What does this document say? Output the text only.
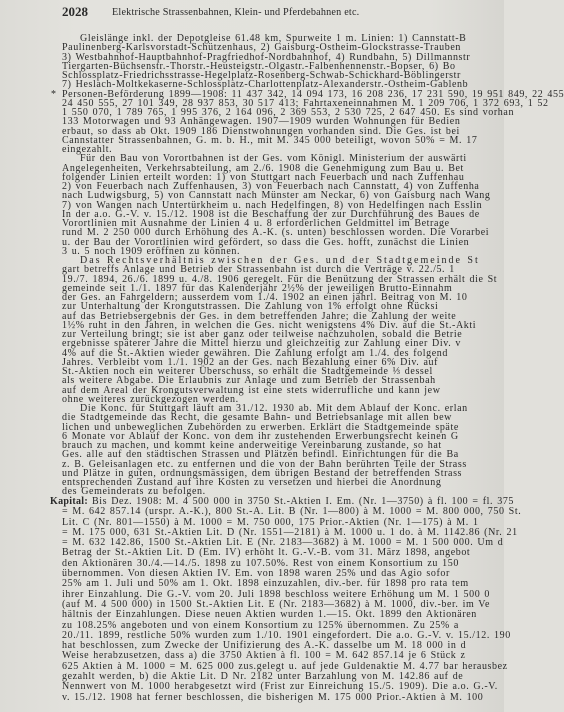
2028 Elektrische Strassenbahnen, Klein- und Pferdebahnen etc.
Gleislänge inkl. der Depotgleise 61.48 km, Spurweite 1 m. Linien: 1) Cannstatt-B
Paulinenberg-Karlsvorstadt-Schützenhaus, 2) Gaisburg-Ostheim-Glockstrasse-Trauben
3) Westbahnhof-Hauptbahnhof-Pragfriedhof-Nordbahnhof, 4) Rundbahn, 5) Dillmannstr
Tiergarten-Büchsenstr.-Thorstr.-Heusteigstr.-Olgastr.-Falbenhennenstr.-Bopser, 6) Bo
Schlossplatz-Friedrichsstrasse-Hegelplatz-Rosenberg-Schwab-Schickhard-Böblingerstr
7) Heslach-Moltkekaserne-Schlossplatz-Charlottenplatz-Alexanderstr.-Ostheim-Gablenb
* Personen-Beförderung 1899—1908: 11 437 342, 14 094 173, 16 208 236, 17 231 590, 19 951 849, 22 455
24 450 555, 27 101 349, 28 937 853, 30 517 413; Fahrtaxeneinnahmen M. 1 209 706, 1 372 693, 1 52
1 550 070, 1 789 765, 1 995 376, 2 164 096, 2 369 553, 2 530 725, 2 647 450. Es sind vorhan
133 Motorwagen und 93 Anhängewagen. 1907—1909 wurden Wohnungen für Bedien
erbaut, so dass ab Okt. 1909 186 Dienstwohnungen vorhanden sind. Die Ges. ist bei
Cannstatter Strassenbahnen, G. m. b. H., mit M. 345 000 beteiligt, wovon 50% = M. 17
eingezahlt.
Für den Bau von Vorortbahnen ist der Ges. vom Königl. Ministerium der auswärti
Angelegenheiten, Verkehrsabteilung, am 2./6. 1908 die Genehmigung zum Bau u. Bet
folgender Linien erteilt worden: 1) von Stuttgart nach Feuerbach und nach Zuffenhau
2) von Feuerbach nach Zuffenhausen, 3) von Feuerbach nach Cannstatt, 4) von Zuffenha
nach Ludwigsburg, 5) von Cannstatt nach Münster am Neckar, 6) von Gaisburg nach Wang
7) von Wangen nach Untertürkheim u. nach Hedelfingen, 8) von Hedelfingen nach Esslin
In der a.o. G.-V. v. 15./12. 1908 ist die Beschaffung der zur Durchführung des Baues de
Vorortlinien mit Ausnahme der Linien 4 u. 8 erforderlichen Geldmittel im Betrage
rund M. 2 250 000 durch Erhöhung des A.-K. (s. unten) beschlossen worden. Die Vorarbei
u. der Bau der Vorortlinien wird gefördert, so dass die Ges. hofft, zunächst die Linien
3 u. 5 noch 1909 eröffnen zu können.
Das Rechtsverhältnis zwischen der Ges. und der Stadtgemeinde St
gart betreffs Anlage und Betrieb der Strassenbahn ist durch die Verträge v. 22./5. 1
19./7. 1894, 26./6. 1899 u. 4./8. 1906 geregelt. Für die Benützung der Strassen erhält die St
gemeinde seit 1./1. 1897 für das Kalenderjahr 2½% der jeweiligen Brutto-Einnahm
der Ges. an Fahrgeldern; ausserdem vom 1./4. 1902 an einen jährl. Beitrag von M. 10
zur Unterhaltung der Krongutstrassen. Die Zahlung von 1% erfolgt ohne Rücksi
auf das Betriebsergebnis der Ges. in dem betreffenden Jahre; die Zahlung der weite
1½% ruht in den Jahren, in welchen die Ges. nicht wenigstens 4% Div. auf die St.-Akti
zur Verteilung bringt; sie ist aber ganz oder teilweise nachzuholen, sobald die Betrie
ergebnisse späterer Jahre die Mittel hierzu und gleichzeitig zur Zahlung einer Div. v
4% auf die St.-Aktien wieder gewähren. Die Zahlung erfolgt am 1./4. des folgend
Jahres. Verbleibt vom 1./1. 1902 an der Ges. nach Bezahlung einer 6% Div. auf
St.-Aktien noch ein weiterer Überschuss, so erhält die Stadtgemeinde ⅓ dessel
als weitere Abgabe. Die Erlaubnis zur Anlage und zum Betrieb der Strassenbah
auf dem Areal der Krongutsverwaltung ist eine stets widerrufliche und kann jew
ohne weiteres zurückgezogen werden.
Die Konc. für Stuttgart läuft am 31./12. 1930 ab. Mit dem Ablauf der Konc. erlan
die Stadtgemeinde das Recht, die gesamte Bahn- und Betriebsanlage mit allen bew
lichen und unbeweglichen Zubehörden zu erwerben. Erklärt die Stadtgemeinde späte
6 Monate vor Ablauf der Konc. von dem ihr zustehenden Erwerbungsrecht keinen G
brauch zu machen, und kommt keine anderweitige Vereinbarung zustande, so hat
Ges. alle auf den städtischen Strassen und Plätzen befindl. Einrichtungen für die Ba
z. B. Geleisanlagen etc. zu entfernen und die von der Bahn berührten Teile der Strass
und Plätze in guten, ordnungsmässigen, dem übrigen Bestand der betreffenden Strass
entsprechenden Zustand auf ihre Kosten zu versetzen und hierbei die Anordnung
des Gemeinderats zu befolgen.
Kapital: Bis Dez. 1908: M. 4 500 000 in 3750 St.-Aktien I. Em. (Nr. 1—3750) à fl. 100 = fl. 375
= M. 642 857.14 (urspr. A.-K.), 800 St.-A. Lit. B (Nr. 1—800) à M. 1000 = M. 800 000, 750 St.
Lit. C (Nr. 801—1550) à M. 1000 = M. 750 000, 175 Prior.-Aktien (Nr. 1—175) à M. 1
= M. 175 000, 631 St.-Aktien Lit. D (Nr. 1551—2181) à M. 1000 u. 1 do. à M. 1142.86 (Nr. 21
= M. 632 142.86, 1500 St.-Aktien Lit. E (Nr. 2183—3682) à M. 1000 = M. 1 500 000. Um d
Betrag der St.-Aktien Lit. D (Em. IV) erhöht lt. G.-V.-B. vom 31. März 1898, angebot
den Aktionären 30./4.—14./5. 1898 zu 107.50%. Rest von einem Konsortium zu 150
übernommen. Von diesen Aktien IV. Em. von 1898 waren 25% und das Agio sofor
25% am 1. Juli und 50% am 1. Okt. 1898 einzuzahlen, div.-ber. für 1898 pro rata tem
ihrer Einzahlung. Die G.-V. vom 20. Juli 1898 beschloss weitere Erhöhung um M. 1 500 0
(auf M. 4 500 000) in 1500 St.-Aktien Lit. E (Nr. 2183—3682) à M. 1000, div.-ber. im Ve
hältnis der Einzahlungen. Diese neuen Aktien wurden 1.—15. Okt. 1899 den Aktionären
zu 108.25% angeboten und von einem Konsortium zu 125% übernommen. Zu 25% a
20./11. 1899, restliche 50% wurden zum 1./10. 1901 eingefordert. Die a.o. G.-V. v. 15./12. 190
hat beschlossen, zum Zwecke der Unifizierung des A.-K. dasselbe um M. 18 000 in d
Weise herabzusetzen, dass a) die 3750 Aktien à fl. 100 = M. 642 857.14 je 6 Stück z
625 Aktien à M. 1000 = M. 625 000 zus.gelegt u. auf jede Guldenaktie M. 4.77 bar herausbez
gezahlt werden, b) die Aktie Lit. D Nr. 2182 unter Barzahlung von M. 142.86 auf de
Nennwert von M. 1000 herabgesetzt wird (Frist zur Einreichung 15./5. 1909). Die a.o. G.-V.
v. 15./12. 1908 hat ferner beschlossen, die bisherigen M. 175 000 Prior.-Aktien à M. 100
